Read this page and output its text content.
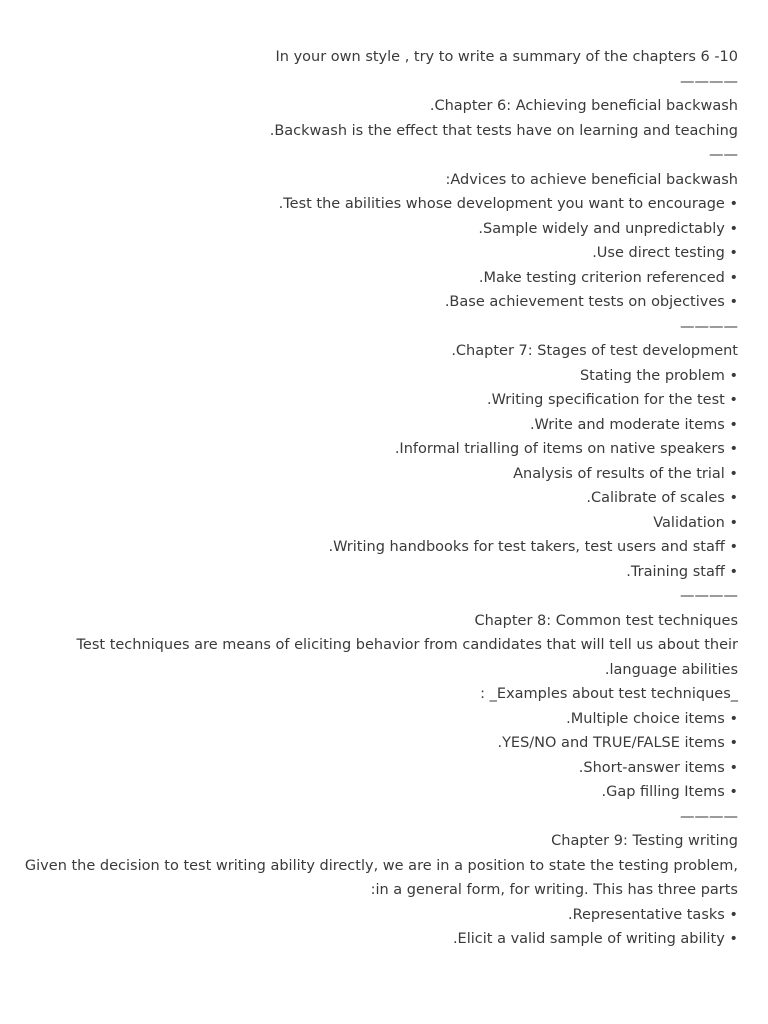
In your own style , try to write a summary of the chapters 6 -10

————

.Chapter 6: Achieving beneficial backwash

.Backwash is the effect that tests have on learning and teaching

——

:Advices to achieve beneficial backwash

.Test the abilities whose development you want to encourage •

.Sample widely and unpredictably •

.Use direct testing •

.Make testing criterion referenced •

.Base achievement tests on objectives •

————

.Chapter 7: Stages of test development

Stating the problem •

.Writing specification for the test •

.Write and moderate items •

.Informal trialling of items on native speakers •

Analysis of results of the trial •

.Calibrate of scales •

Validation •

.Writing handbooks for test takers, test users and staff •

.Training staff •

————

Chapter 8: Common test techniques

Test techniques are means of eliciting behavior from candidates that will tell us about their .language abilities

: _Examples about test techniques_

.Multiple choice items •

.YES/NO and TRUE/FALSE items •

.Short-answer items •

.Gap filling Items •

————

Chapter 9: Testing writing

Given the decision to test writing ability directly, we are in a position to state the testing problem, :in a general form, for writing. This has three parts

.Representative tasks •

.Elicit a valid sample of writing ability •
